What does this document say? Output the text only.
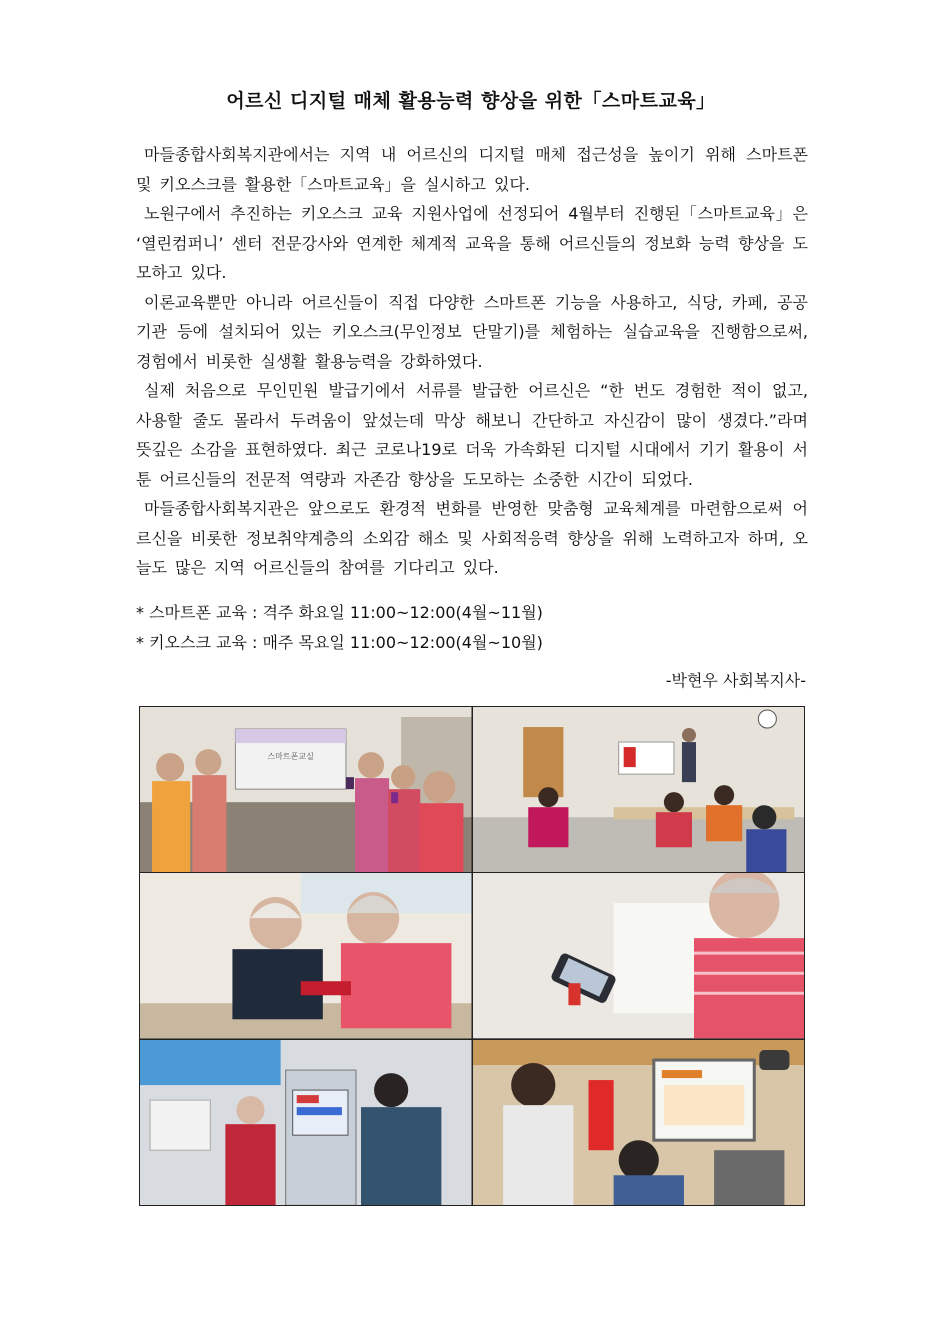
어르신 디지털 매체 활용능력 향상을 위한「스마트교육」

마들종합사회복지관에서는 지역 내 어르신의 디지털 매체 접근성을 높이기 위해 스마트폰 및 키오스크를 활용한「스마트교육」을 실시하고 있다.

노원구에서 추진하는 키오스크 교육 지원사업에 선정되어 4월부터 진행된「스마트교육」은 ‘열린컴퍼니’ 센터 전문강사와 연계한 체계적 교육을 통해 어르신들의 정보화 능력 향상을 도모하고 있다.

이론교육뿐만 아니라 어르신들이 직접 다양한 스마트폰 기능을 사용하고, 식당, 카페, 공공기관 등에 설치되어 있는 키오스크(무인정보 단말기)를 체험하는 실습교육을 진행함으로써, 경험에서 비롯한 실생활 활용능력을 강화하였다.

실제 처음으로 무인민원 발급기에서 서류를 발급한 어르신은 “한 번도 경험한 적이 없고, 사용할 줄도 몰라서 두려움이 앞섰는데 막상 해보니 간단하고 자신감이 많이 생겼다.”라며 뜻깊은 소감을 표현하였다. 최근 코로나19로 더욱 가속화된 디지털 시대에서 기기 활용이 서툰 어르신들의 전문적 역량과 자존감 향상을 도모하는 소중한 시간이 되었다.

마들종합사회복지관은 앞으로도 환경적 변화를 반영한 맞춤형 교육체계를 마련함으로써 어르신을 비롯한 정보취약계층의 소외감 해소 및 사회적응력 향상을 위해 노력하고자 하며, 오늘도 많은 지역 어르신들의 참여를 기다리고 있다.

* 스마트폰 교육 : 격주 화요일 11:00~12:00(4월~11월)

* 키오스크 교육 : 매주 목요일 11:00~12:00(4월~10월)

-박현우 사회복지사-
스마트폰교실
